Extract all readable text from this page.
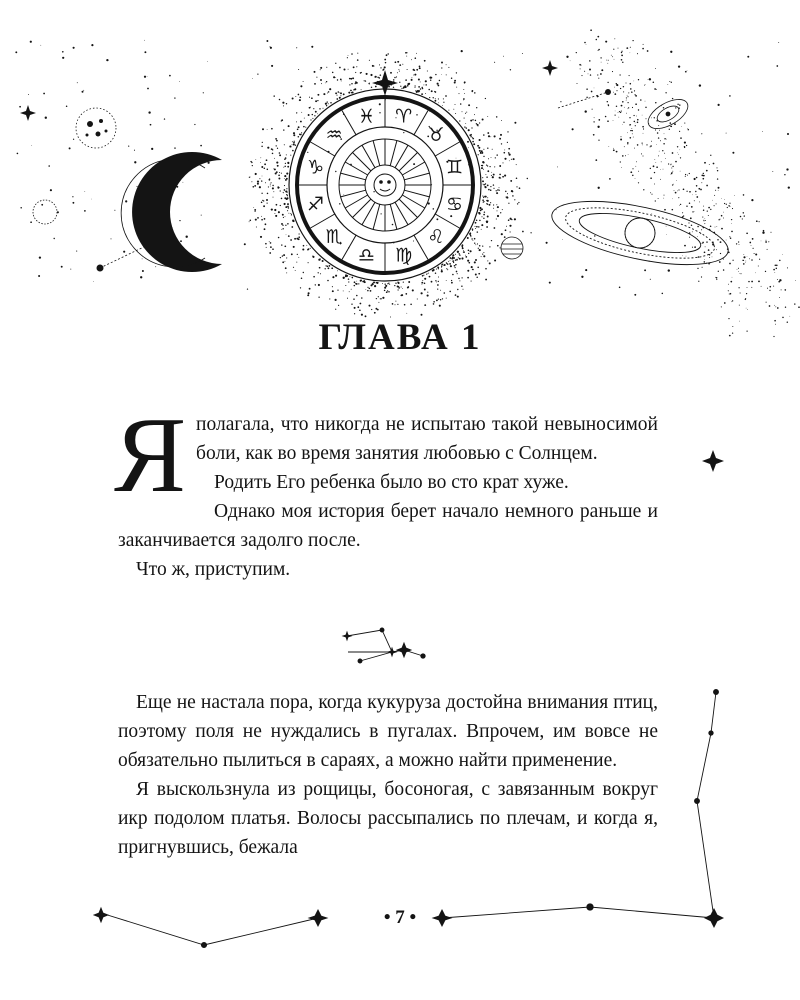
♈
♉
♊
♋
♌
♍
♎
♏
♐
♑
♒
♓
ГЛАВА 1

Яполагала, что никогда не испытаю такой невыносимой боли, как во время занятия любовью с Солнцем.

Родить Его ребенка было во сто крат хуже.

Однако моя история берет начало немного раньше и заканчивается задолго после.

Что ж, приступим.

Еще не настала пора, когда кукуруза достойна внимания птиц, поэтому поля не нуждались в пугалах. Впрочем, им вовсе не обязательно пылиться в сараях, а можно найти применение.

Я выскользнула из рощицы, босоногая, с завязанным вокруг икр подолом платья. Волосы рассыпались по плечам, и когда я, пригнувшись, бежала

• 7 •
